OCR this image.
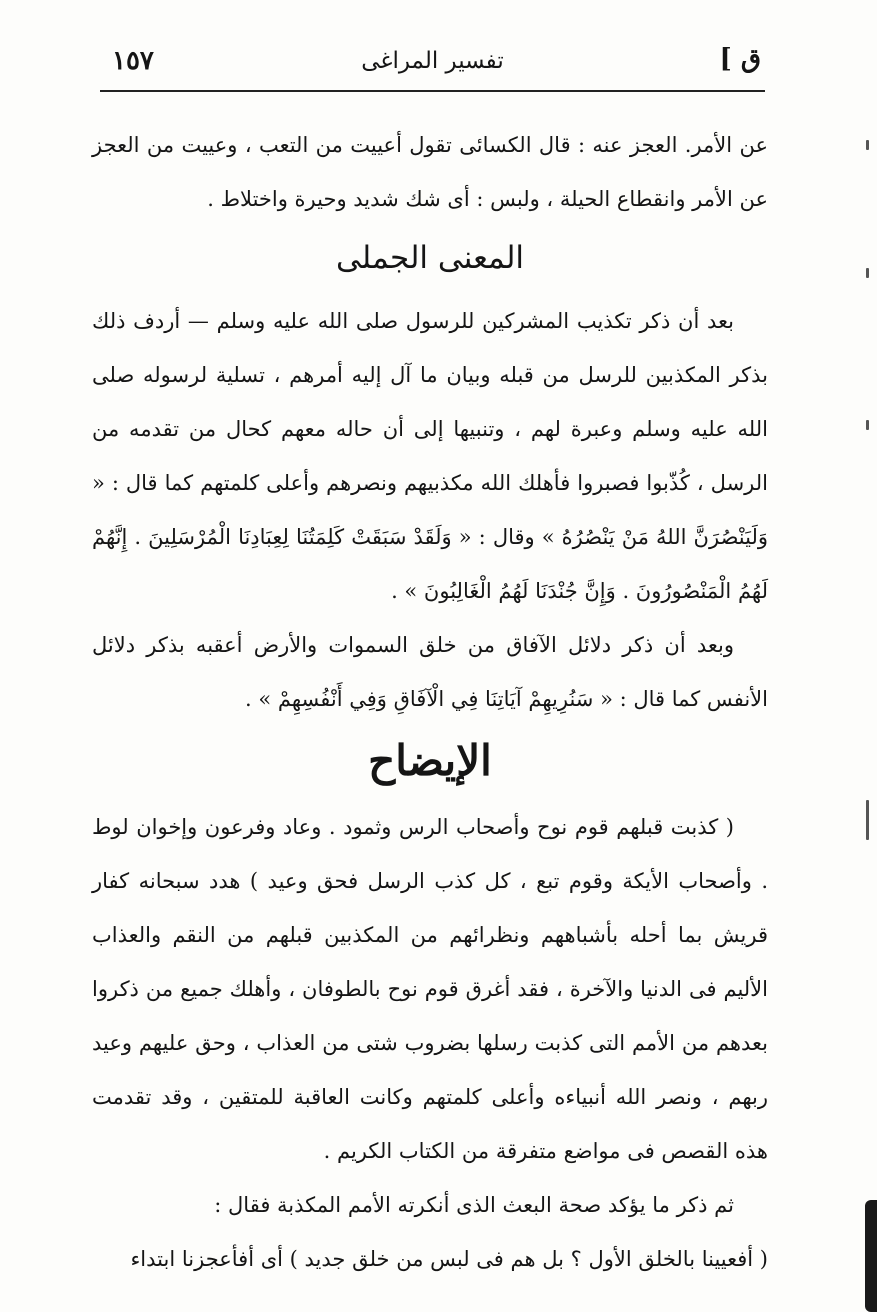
١٥٧	تفسير المراغى	[ ق

عن الأمر. العجز عنه : قال الكسائى تقول أعييت من التعب ، وعييت من العجز عن الأمر وانقطاع الحيلة ، ولبس : أى شك شديد وحيرة واختلاط .

المعنى الجملى

بعد أن ذكر تكذيب المشركين للرسول صلى الله عليه وسلم — أردف ذلك بذكر المكذبين للرسل من قبله وبيان ما آل إليه أمرهم ، تسلية لرسوله صلى الله عليه وسلم وعبرة لهم ، وتنبيها إلى أن حاله معهم كحال من تقدمه من الرسل ، كُذّبوا فصبروا فأهلك الله مكذبيهم ونصرهم وأعلى كلمتهم كما قال : « وَلَيَنْصُرَنَّ اللهُ مَنْ يَنْصُرُهُ » وقال : « وَلَقَدْ سَبَقَتْ كَلِمَتُنَا لِعِبَادِنَا الْمُرْسَلِينَ . إِنَّهُمْ لَهُمُ الْمَنْصُورُونَ . وَإِنَّ جُنْدَنَا لَهُمُ الْغَالِبُونَ » .

وبعد أن ذكر دلائل الآفاق من خلق السموات والأرض أعقبه بذكر دلائل الأنفس كما قال : « سَنُرِيهِمْ آيَاتِنَا فِي الْآفَاقِ وَفِي أَنْفُسِهِمْ » .

الإيضاح

( كذبت قبلهم قوم نوح وأصحاب الرس وثمود . وعاد وفرعون وإخوان لوط . وأصحاب الأيكة وقوم تبع ، كل كذب الرسل فحق وعيد ) هدد سبحانه كفار قريش بما أحله بأشباههم ونظرائهم من المكذبين قبلهم من النقم والعذاب الأليم فى الدنيا والآخرة ، فقد أغرق قوم نوح بالطوفان ، وأهلك جميع من ذكروا بعدهم من الأمم التى كذبت رسلها بضروب شتى من العذاب ، وحق عليهم وعيد ربهم ، ونصر الله أنبياءه وأعلى كلمتهم وكانت العاقبة للمتقين ، وقد تقدمت هذه القصص فى مواضع متفرقة من الكتاب الكريم .

ثم ذكر ما يؤكد صحة البعث الذى أنكرته الأمم المكذبة فقال :

( أفعيينا بالخلق الأول ؟ بل هم فى لبس من خلق جديد ) أى أفأعجزنا ابتداء
